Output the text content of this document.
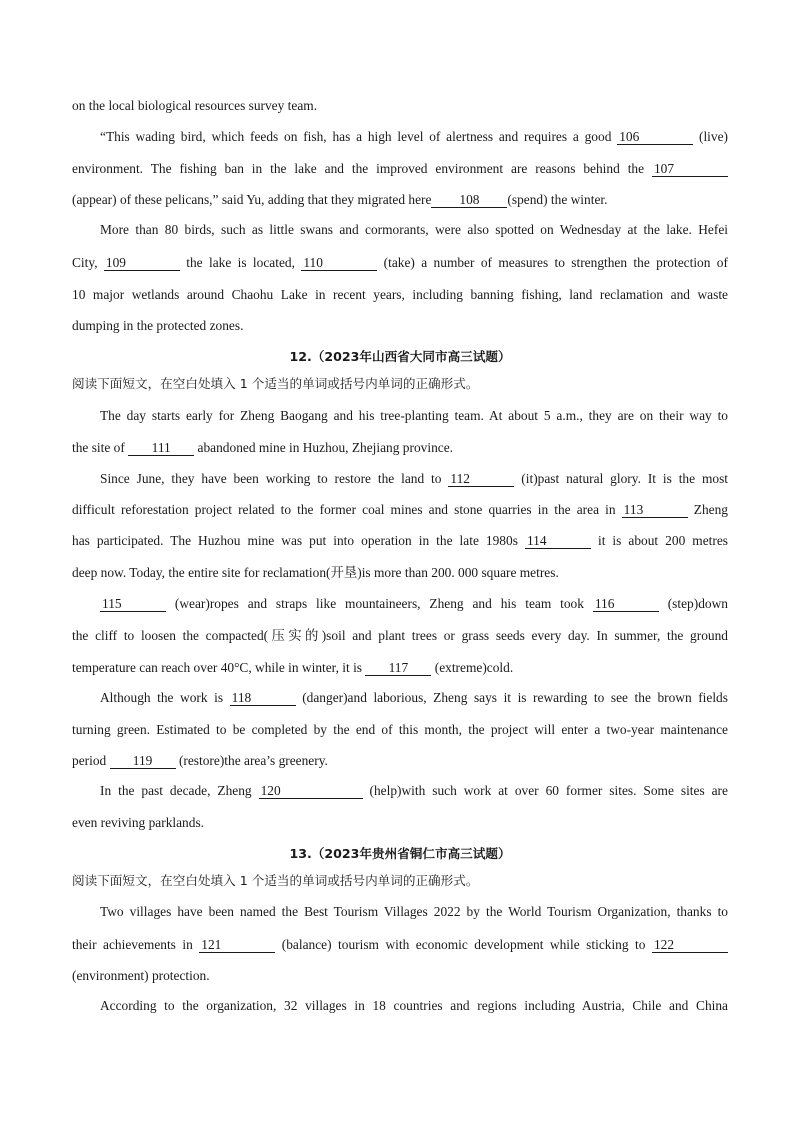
on the local biological resources survey team.
“This wading bird, which feeds on fish, has a high level of alertness and requires a good 106	(live)
environment. The fishing ban in the lake and the improved environment are reasons behind the 107
(appear) of these pelicans,” said Yu, adding that they migrated here 108 (spend) the winter.
More than 80 birds, such as little swans and cormorants, were also spotted on Wednesday at the lake. Hefei
City, 109	the lake is located, 110	(take) a number of measures to strengthen the protection of
10 major wetlands around Chaohu Lake in recent years, including banning fishing, land reclamation and waste
dumping in the protected zones.
12.（2023年山西省大同市高三试题）
阅读下面短文，在空白处填入 1 个适当的单词或括号内单词的正确形式。
The day starts early for Zheng Baogang and his tree-planting team. At about 5 a.m., they are on their way to
the site of 111 abandoned mine in Huzhou, Zhejiang province.
Since June, they have been working to restore the land to 112	(it)past natural glory. It is the most
difficult reforestation project related to the former coal mines and stone quarries in the area in 113	Zheng
has participated. The Huzhou mine was put into operation in the late 1980s 114	it is about 200 metres
deep now. Today, the entire site for reclamation(开垦)is more than 200. 000 square metres.
115	(wear)ropes and straps like mountaineers, Zheng and his team took 116	(step)down
the cliff to loosen the compacted(压实的)soil and plant trees or grass seeds every day. In summer, the ground
temperature can reach over 40°C, while in winter, it is 117 (extreme)cold.
Although the work is 118	(danger)and laborious, Zheng says it is rewarding to see the brown fields
turning green. Estimated to be completed by the end of this month, the project will enter a two-year maintenance
period 119 (restore)the area’s greenery.
In the past decade, Zheng 120	(help)with such work at over 60 former sites. Some sites are
even reviving parklands.
13.（2023年贵州省铜仁市高三试题）
阅读下面短文，在空白处填入 1 个适当的单词或括号内单词的正确形式。
Two villages have been named the Best Tourism Villages 2022 by the World Tourism Organization, thanks to
their achievements in 121	(balance) tourism with economic development while sticking to 122
(environment) protection.
According to the organization, 32 villages in 18 countries and regions including Austria, Chile and China
